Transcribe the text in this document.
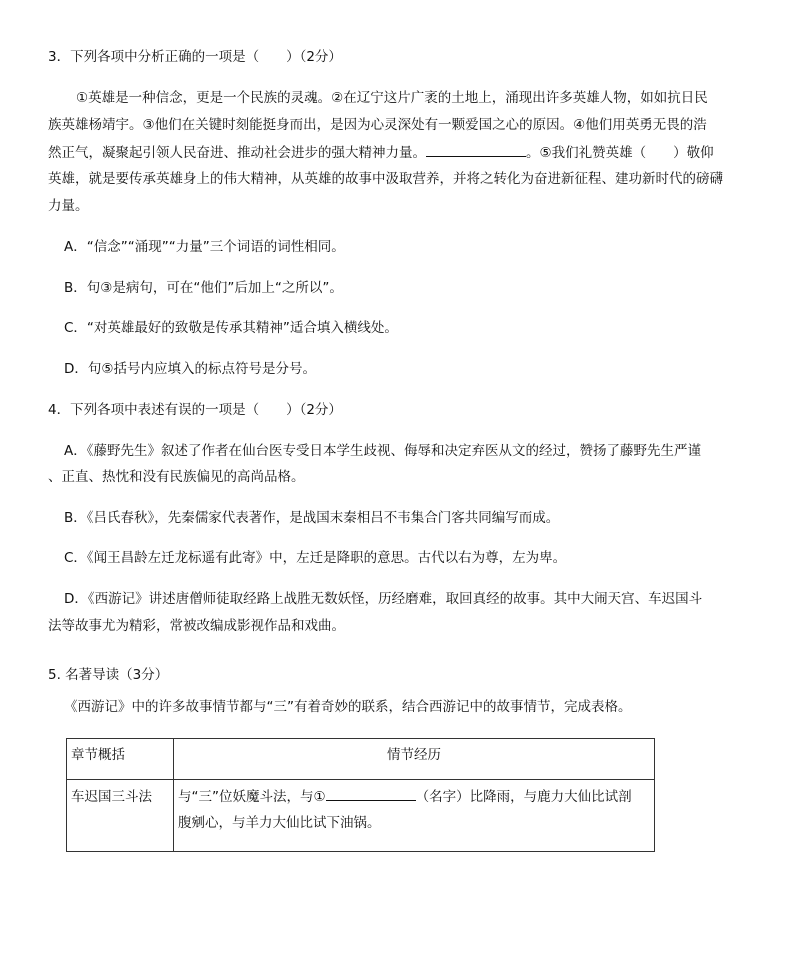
3．下列各项中分析正确的一项是（　　）（2分）
①英雄是一种信念，更是一个民族的灵魂。②在辽宁这片广袤的土地上，涌现出许多英雄人物，如如抗日民
族英雄杨靖宇。③他们在关键时刻能挺身而出，是因为心灵深处有一颗爱国之心的原因。④他们用英勇无畏的浩
然正气，凝聚起引领人民奋进、推动社会进步的强大精神力量。	。⑤我们礼赞英雄（　　）敬仰
英雄，就是要传承英雄身上的伟大精神，从英雄的故事中汲取营养，并将之转化为奋进新征程、建功新时代的磅礴
力量。
A．“信念”“涌现”“力量”三个词语的词性相同。
B．句③是病句，可在“他们”后加上“之所以”。
C．“对英雄最好的致敬是传承其精神”适合填入横线处。
D．句⑤括号内应填入的标点符号是分号。
4．下列各项中表述有误的一项是（　　）（2分）
A．《藤野先生》叙述了作者在仙台医专受日本学生歧视、侮辱和决定弃医从文的经过，赞扬了藤野先生严谨
、正直、热忱和没有民族偏见的高尚品格。
B．《吕氏春秋》，先秦儒家代表著作，是战国末秦相吕不韦集合门客共同编写而成。
C．《闻王昌龄左迁龙标遥有此寄》中，左迁是降职的意思。古代以右为尊，左为卑。
D．《西游记》讲述唐僧师徒取经路上战胜无数妖怪，历经磨难，取回真经的故事。其中大闹天宫、车迟国斗
法等故事尤为精彩，常被改编成影视作品和戏曲。
5. 名著导读（3分）
《西游记》中的许多故事情节都与“三”有着奇妙的联系，结合西游记中的故事情节，完成表格。
章节概括	情节经历
车迟国三斗法	与“三”位妖魔斗法，与① （名字）比降雨，与鹿力大仙比试剖
腹剜心，与羊力大仙比试下油锅。
